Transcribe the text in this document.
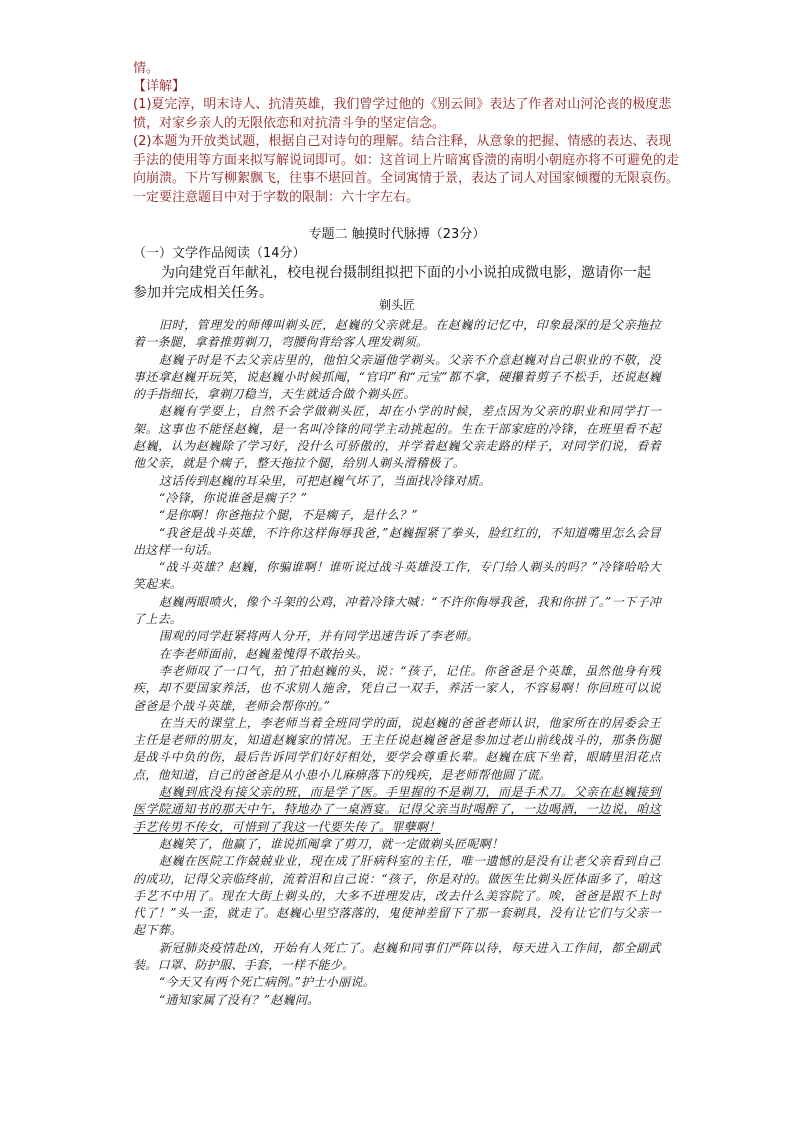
情。

【详解】

(1)夏完淳，明末诗人、抗清英雄，我们曾学过他的《别云间》表达了作者对山河沦丧的极度悲愤，对家乡亲人的无限依恋和对抗清斗争的坚定信念。

(2)本题为开放类试题，根据自己对诗句的理解。结合注释，从意象的把握、情感的表达、表现手法的使用等方面来拟写解说词即可。如：这首词上片暗寓昏溃的南明小朝庭亦将不可避免的走向崩溃。下片写柳絮飘飞，往事不堪回首。全词寓情于景，表达了词人对国家倾覆的无限哀伤。一定要注意题目中对于字数的限制：六十字左右。

专题二 触摸时代脉搏（23分）
（一）文学作品阅读（14分）

为向建党百年献礼，校电视台摄制组拟把下面的小小说拍成微电影，邀请你一起参加并完成相关任务。

剃头匠

旧时，管理发的师傅叫剃头匠，赵巍的父亲就是。在赵巍的记忆中，印象最深的是父亲拖拉着一条腿，拿着推剪剃刀，弯腰佝背给客人理发剃须。

赵巍子时是不去父亲店里的，他怕父亲逼他学剃头。父亲不介意赵巍对自己职业的不敬，没事还拿赵巍开玩笑，说赵巍小时候抓阄，“官印”和“元宝”都不拿，硬攥着剪子不松手，还说赵巍的手指细长，拿剃刀稳当，天生就适合做个剃头匠。

赵巍有学要上，自然不会学做剃头匠，却在小学的时候，差点因为父亲的职业和同学打一架。这事也不能怪赵巍，是一名叫冷锋的同学主动挑起的。生在干部家庭的冷锋，在班里看不起赵巍，认为赵巍除了学习好，没什么可骄傲的，并学着赵巍父亲走路的样子，对同学们说，看着他父亲，就是个瘸子，整天拖拉个腿，给别人剃头滑稽极了。

这话传到赵巍的耳朵里，可把赵巍气坏了，当面找冷锋对质。

“冷锋，你说谁爸是瘸子？”

“是你啊！你爸拖拉个腿，不是瘸子，是什么？”

“我爸是战斗英雄，不许你这样侮辱我爸，”赵巍握紧了拳头，脸红红的，不知道嘴里怎么会冒出这样一句话。

“战斗英雄？赵巍，你骗谁啊！谁听说过战斗英雄没工作，专门给人剃头的吗？”冷锋哈哈大笑起来。

赵巍两眼喷火，像个斗架的公鸡，冲着冷锋大喊：“不许你侮辱我爸，我和你拼了。”一下子冲了上去。

围观的同学赶紧将两人分开，并有同学迅速告诉了李老师。

在李老师面前，赵巍羞愧得不敢抬头。

李老师叹了一口气，拍了拍赵巍的头，说：“孩子，记住。你爸爸是个英雄，虽然他身有残疾，却不要国家养活，也不求别人施舍，凭自己一双手，养活一家人，不容易啊！你回班可以说爸爸是个战斗英雄，老师会帮你的。”

在当天的课堂上，李老师当着全班同学的面，说赵巍的爸爸老师认识，他家所在的居委会王主任是老师的朋友，知道赵巍家的情况。王主任说赵巍爸爸是参加过老山前线战斗的，那条伤腿是战斗中负的伤，最后告诉同学们好好相处，要学会尊重长辈。赵巍在底下坐着，眼睛里泪花点点，他知道，自己的爸爸是从小患小儿麻痹落下的残疾，是老师帮他圆了谎。

赵巍到底没有接父亲的班，而是学了医。手里握的不是剃刀，而是手术刀。父亲在赵巍接到医学院通知书的那天中午，特地办了一桌酒宴。记得父亲当时喝醉了，一边喝酒，一边说，咱这手艺传男不传女，可惜到了我这一代要失传了。罪孽啊！

赵巍笑了，他赢了，谁说抓阄拿了剪刀，就一定做剃头匠呢啊！

赵巍在医院工作兢兢业业，现在成了肝病科室的主任，唯一遗憾的是没有让老父亲看到自己的成功，记得父亲临终前，流着泪和自己说：“孩子，你是对的。做医生比剃头匠体面多了，咱这手艺不中用了。现在大街上剃头的，大多不进理发店，改去什么美容院了。唉，爸爸是跟不上时代了！”头一歪，就走了。赵巍心里空落落的，鬼使神差留下了那一套剃具，没有让它们与父亲一起下葬。

新冠肺炎疫情赴凶，开始有人死亡了。赵巍和同事们严阵以待，每天进入工作间，都全副武装。口罩、防护服、手套，一样不能少。

“今天又有两个死亡病例。”护士小丽说。

“通知家属了没有？”赵巍问。
